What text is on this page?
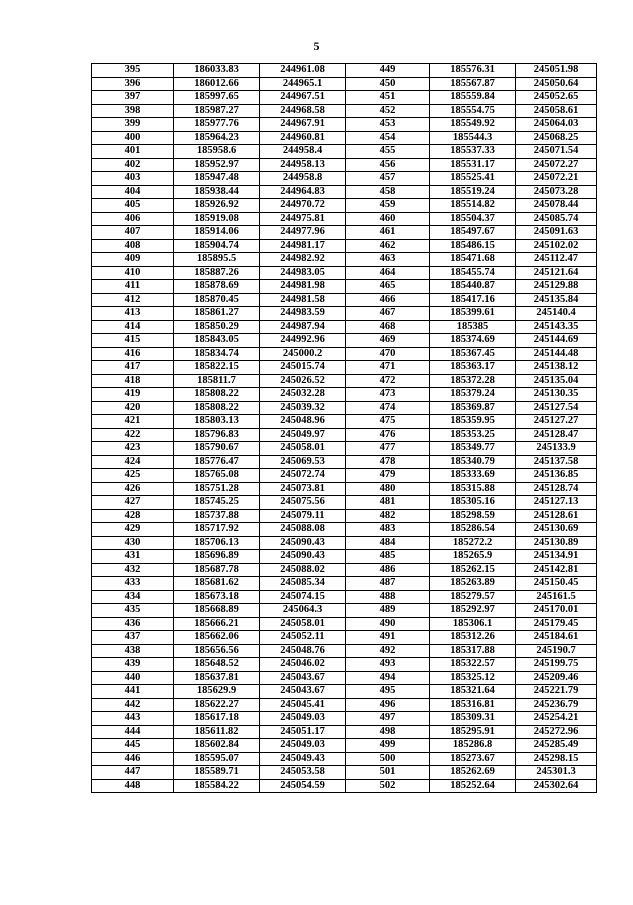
5
395	186033.83	244961.08	449	185576.31	245051.98
396	186012.66	244965.1	450	185567.87	245050.64
397	185997.65	244967.51	451	185559.84	245052.65
398	185987.27	244968.58	452	185554.75	245058.61
399	185977.76	244967.91	453	185549.92	245064.03
400	185964.23	244960.81	454	185544.3	245068.25
401	185958.6	244958.4	455	185537.33	245071.54
402	185952.97	244958.13	456	185531.17	245072.27
403	185947.48	244958.8	457	185525.41	245072.21
404	185938.44	244964.83	458	185519.24	245073.28
405	185926.92	244970.72	459	185514.82	245078.44
406	185919.08	244975.81	460	185504.37	245085.74
407	185914.06	244977.96	461	185497.67	245091.63
408	185904.74	244981.17	462	185486.15	245102.02
409	185895.5	244982.92	463	185471.68	245112.47
410	185887.26	244983.05	464	185455.74	245121.64
411	185878.69	244981.98	465	185440.87	245129.88
412	185870.45	244981.58	466	185417.16	245135.84
413	185861.27	244983.59	467	185399.61	245140.4
414	185850.29	244987.94	468	185385	245143.35
415	185843.05	244992.96	469	185374.69	245144.69
416	185834.74	245000.2	470	185367.45	245144.48
417	185822.15	245015.74	471	185363.17	245138.12
418	185811.7	245026.52	472	185372.28	245135.04
419	185808.22	245032.28	473	185379.24	245130.35
420	185808.22	245039.32	474	185369.87	245127.54
421	185803.13	245048.96	475	185359.95	245127.27
422	185796.83	245049.97	476	185353.25	245128.47
423	185790.67	245058.01	477	185349.77	245133.9
424	185776.47	245069.53	478	185340.79	245137.58
425	185765.08	245072.74	479	185333.69	245136.85
426	185751.28	245073.81	480	185315.88	245128.74
427	185745.25	245075.56	481	185305.16	245127.13
428	185737.88	245079.11	482	185298.59	245128.61
429	185717.92	245088.08	483	185286.54	245130.69
430	185706.13	245090.43	484	185272.2	245130.89
431	185696.89	245090.43	485	185265.9	245134.91
432	185687.78	245088.02	486	185262.15	245142.81
433	185681.62	245085.34	487	185263.89	245150.45
434	185673.18	245074.15	488	185279.57	245161.5
435	185668.89	245064.3	489	185292.97	245170.01
436	185666.21	245058.01	490	185306.1	245179.45
437	185662.06	245052.11	491	185312.26	245184.61
438	185656.56	245048.76	492	185317.88	245190.7
439	185648.52	245046.02	493	185322.57	245199.75
440	185637.81	245043.67	494	185325.12	245209.46
441	185629.9	245043.67	495	185321.64	245221.79
442	185622.27	245045.41	496	185316.81	245236.79
443	185617.18	245049.03	497	185309.31	245254.21
444	185611.82	245051.17	498	185295.91	245272.96
445	185602.84	245049.03	499	185286.8	245285.49
446	185595.07	245049.43	500	185273.67	245298.15
447	185589.71	245053.58	501	185262.69	245301.3
448	185584.22	245054.59	502	185252.64	245302.64
